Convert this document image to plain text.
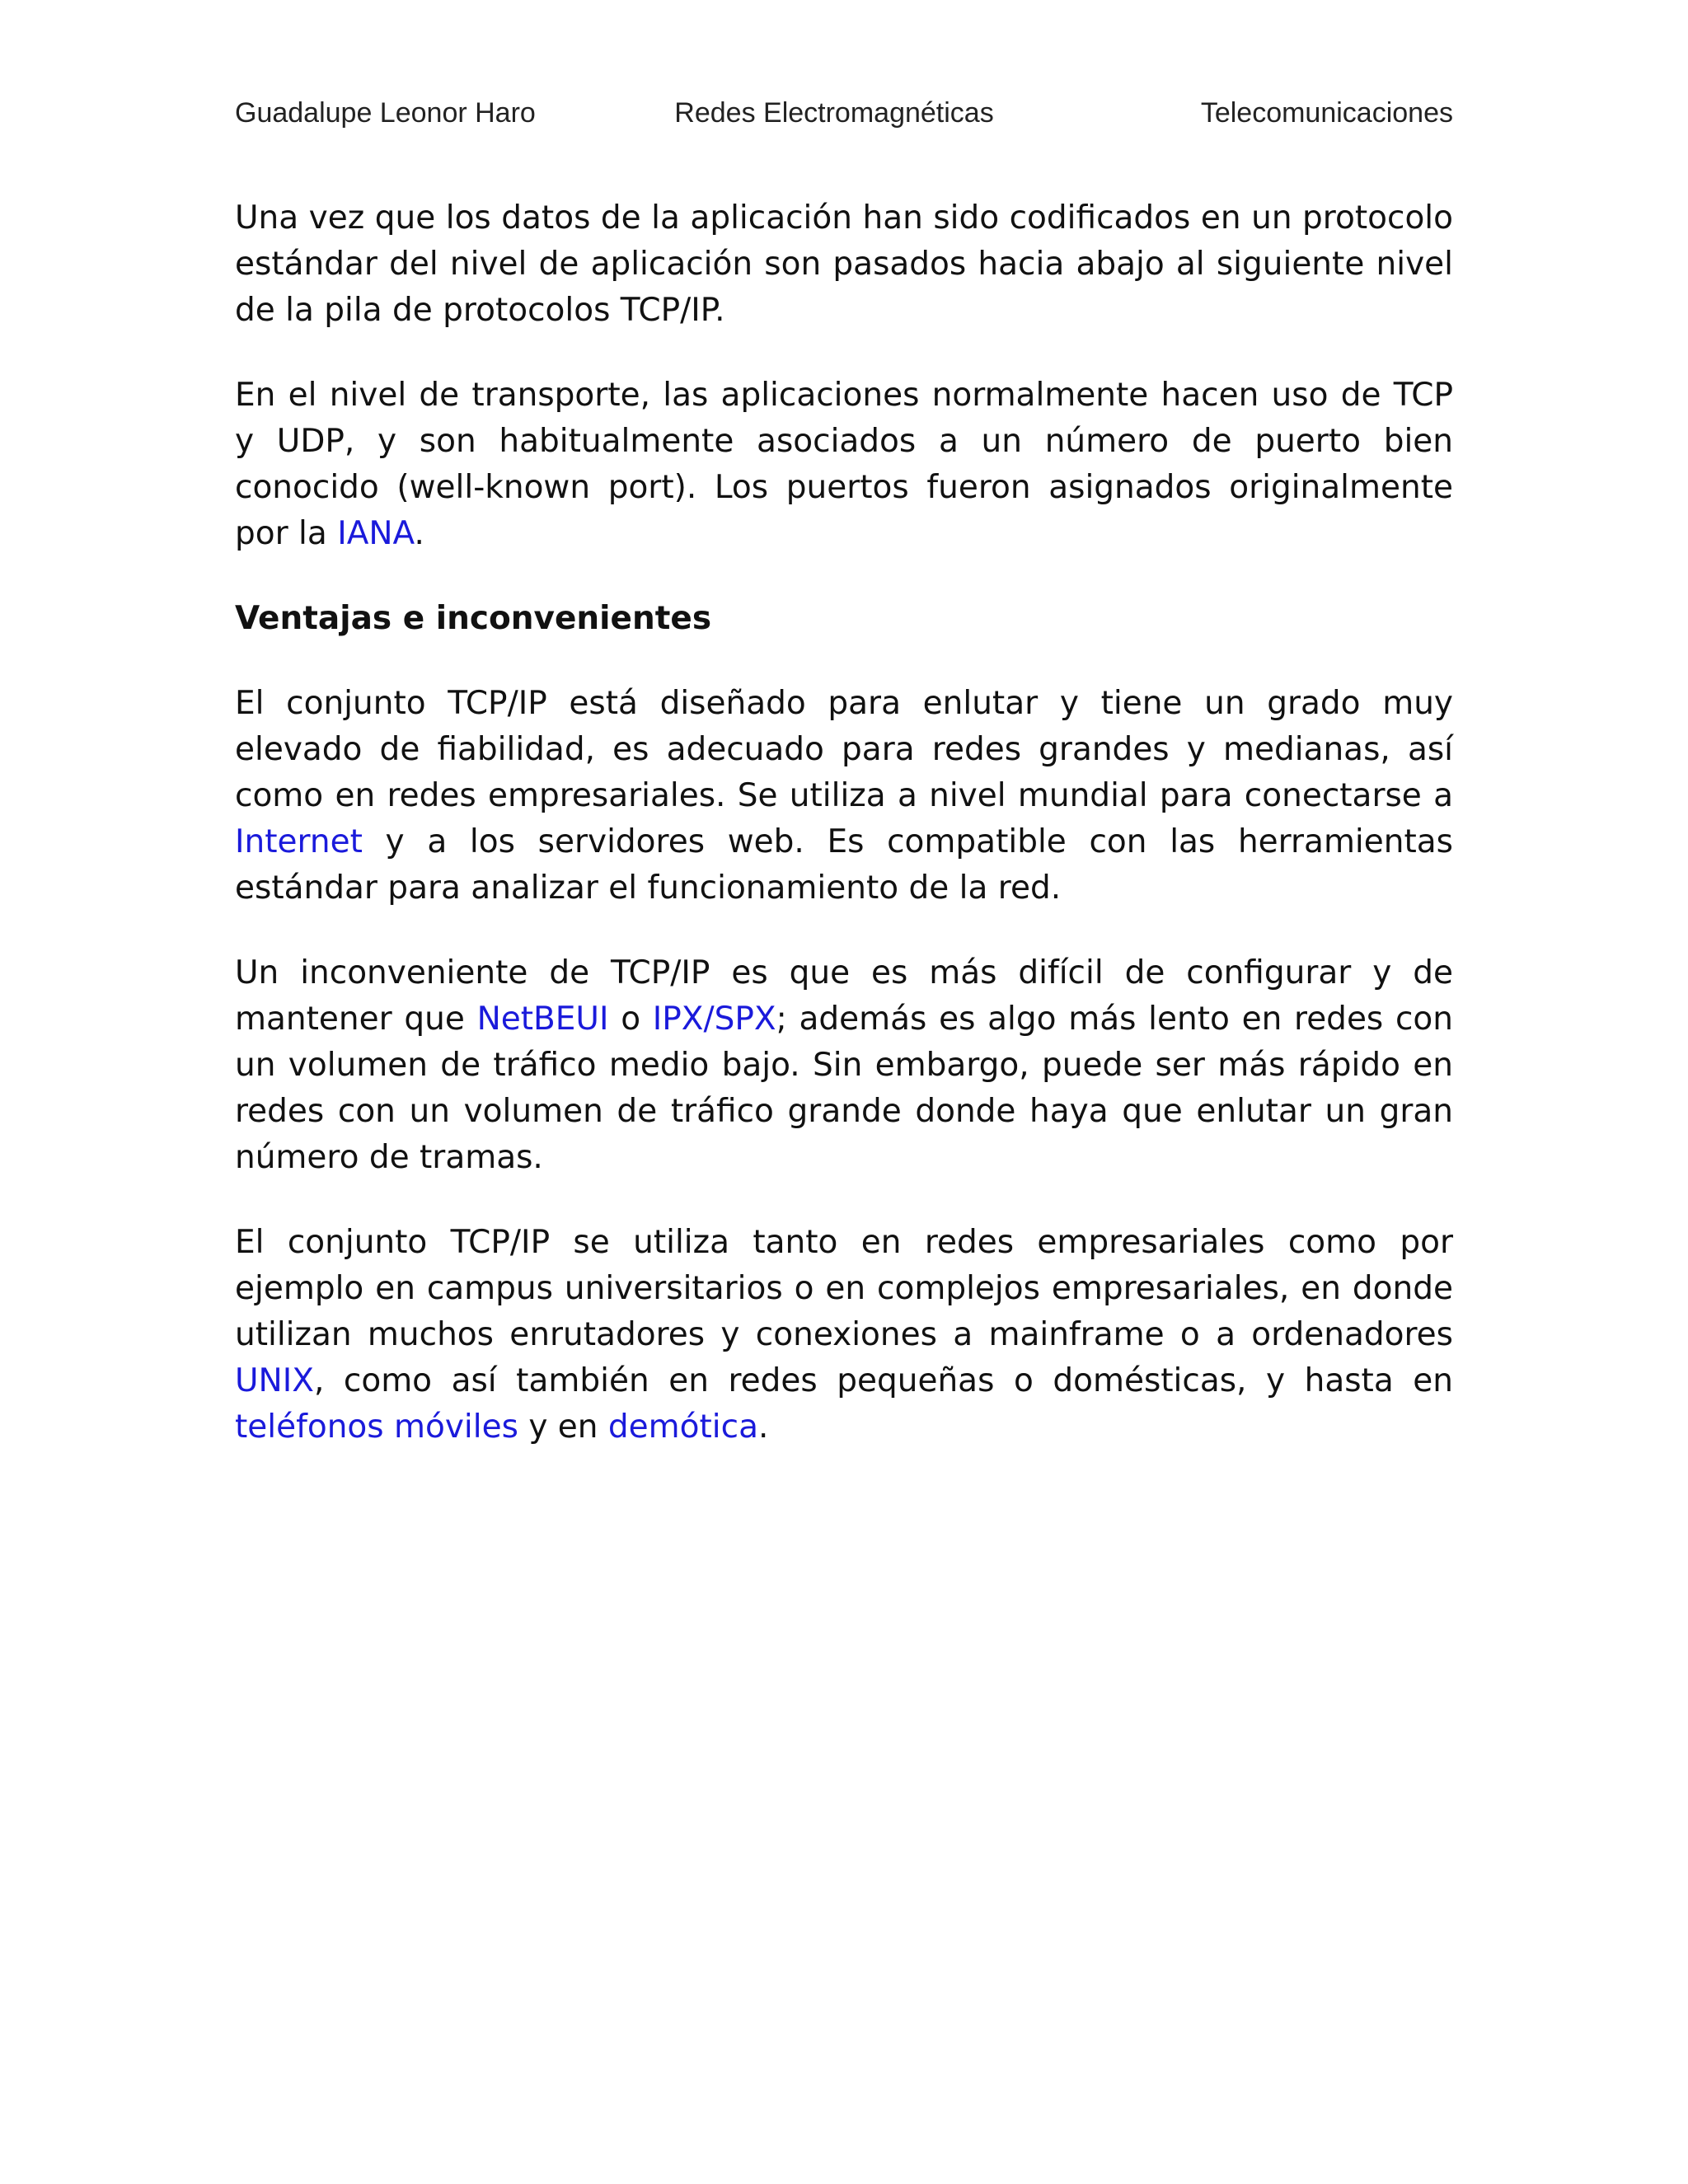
Guadalupe Leonor Haro	Redes Electromagnéticas	Telecomunicaciones

Una vez que los datos de la aplicación han sido codificados en un protocolo estándar del nivel de aplicación son pasados hacia abajo al siguiente nivel de la pila de protocolos TCP/IP.

En el nivel de transporte, las aplicaciones normalmente hacen uso de TCP y UDP, y son habitualmente asociados a un número de puerto bien conocido (well-known port). Los puertos fueron asignados originalmente por la IANA.

Ventajas e inconvenientes

El conjunto TCP/IP está diseñado para enlutar y tiene un grado muy elevado de fiabilidad, es adecuado para redes grandes y medianas, así como en redes empresariales. Se utiliza a nivel mundial para conectarse a Internet y a los servidores web. Es compatible con las herramientas estándar para analizar el funcionamiento de la red.

Un inconveniente de TCP/IP es que es más difícil de configurar y de mantener que NetBEUI o IPX/SPX; además es algo más lento en redes con un volumen de tráfico medio bajo. Sin embargo, puede ser más rápido en redes con un volumen de tráfico grande donde haya que enlutar un gran número de tramas.

El conjunto TCP/IP se utiliza tanto en redes empresariales como por ejemplo en campus universitarios o en complejos empresariales, en donde utilizan muchos enrutadores y conexiones a mainframe o a ordenadores UNIX, como así también en redes pequeñas o domésticas, y hasta en teléfonos móviles y en demótica.
